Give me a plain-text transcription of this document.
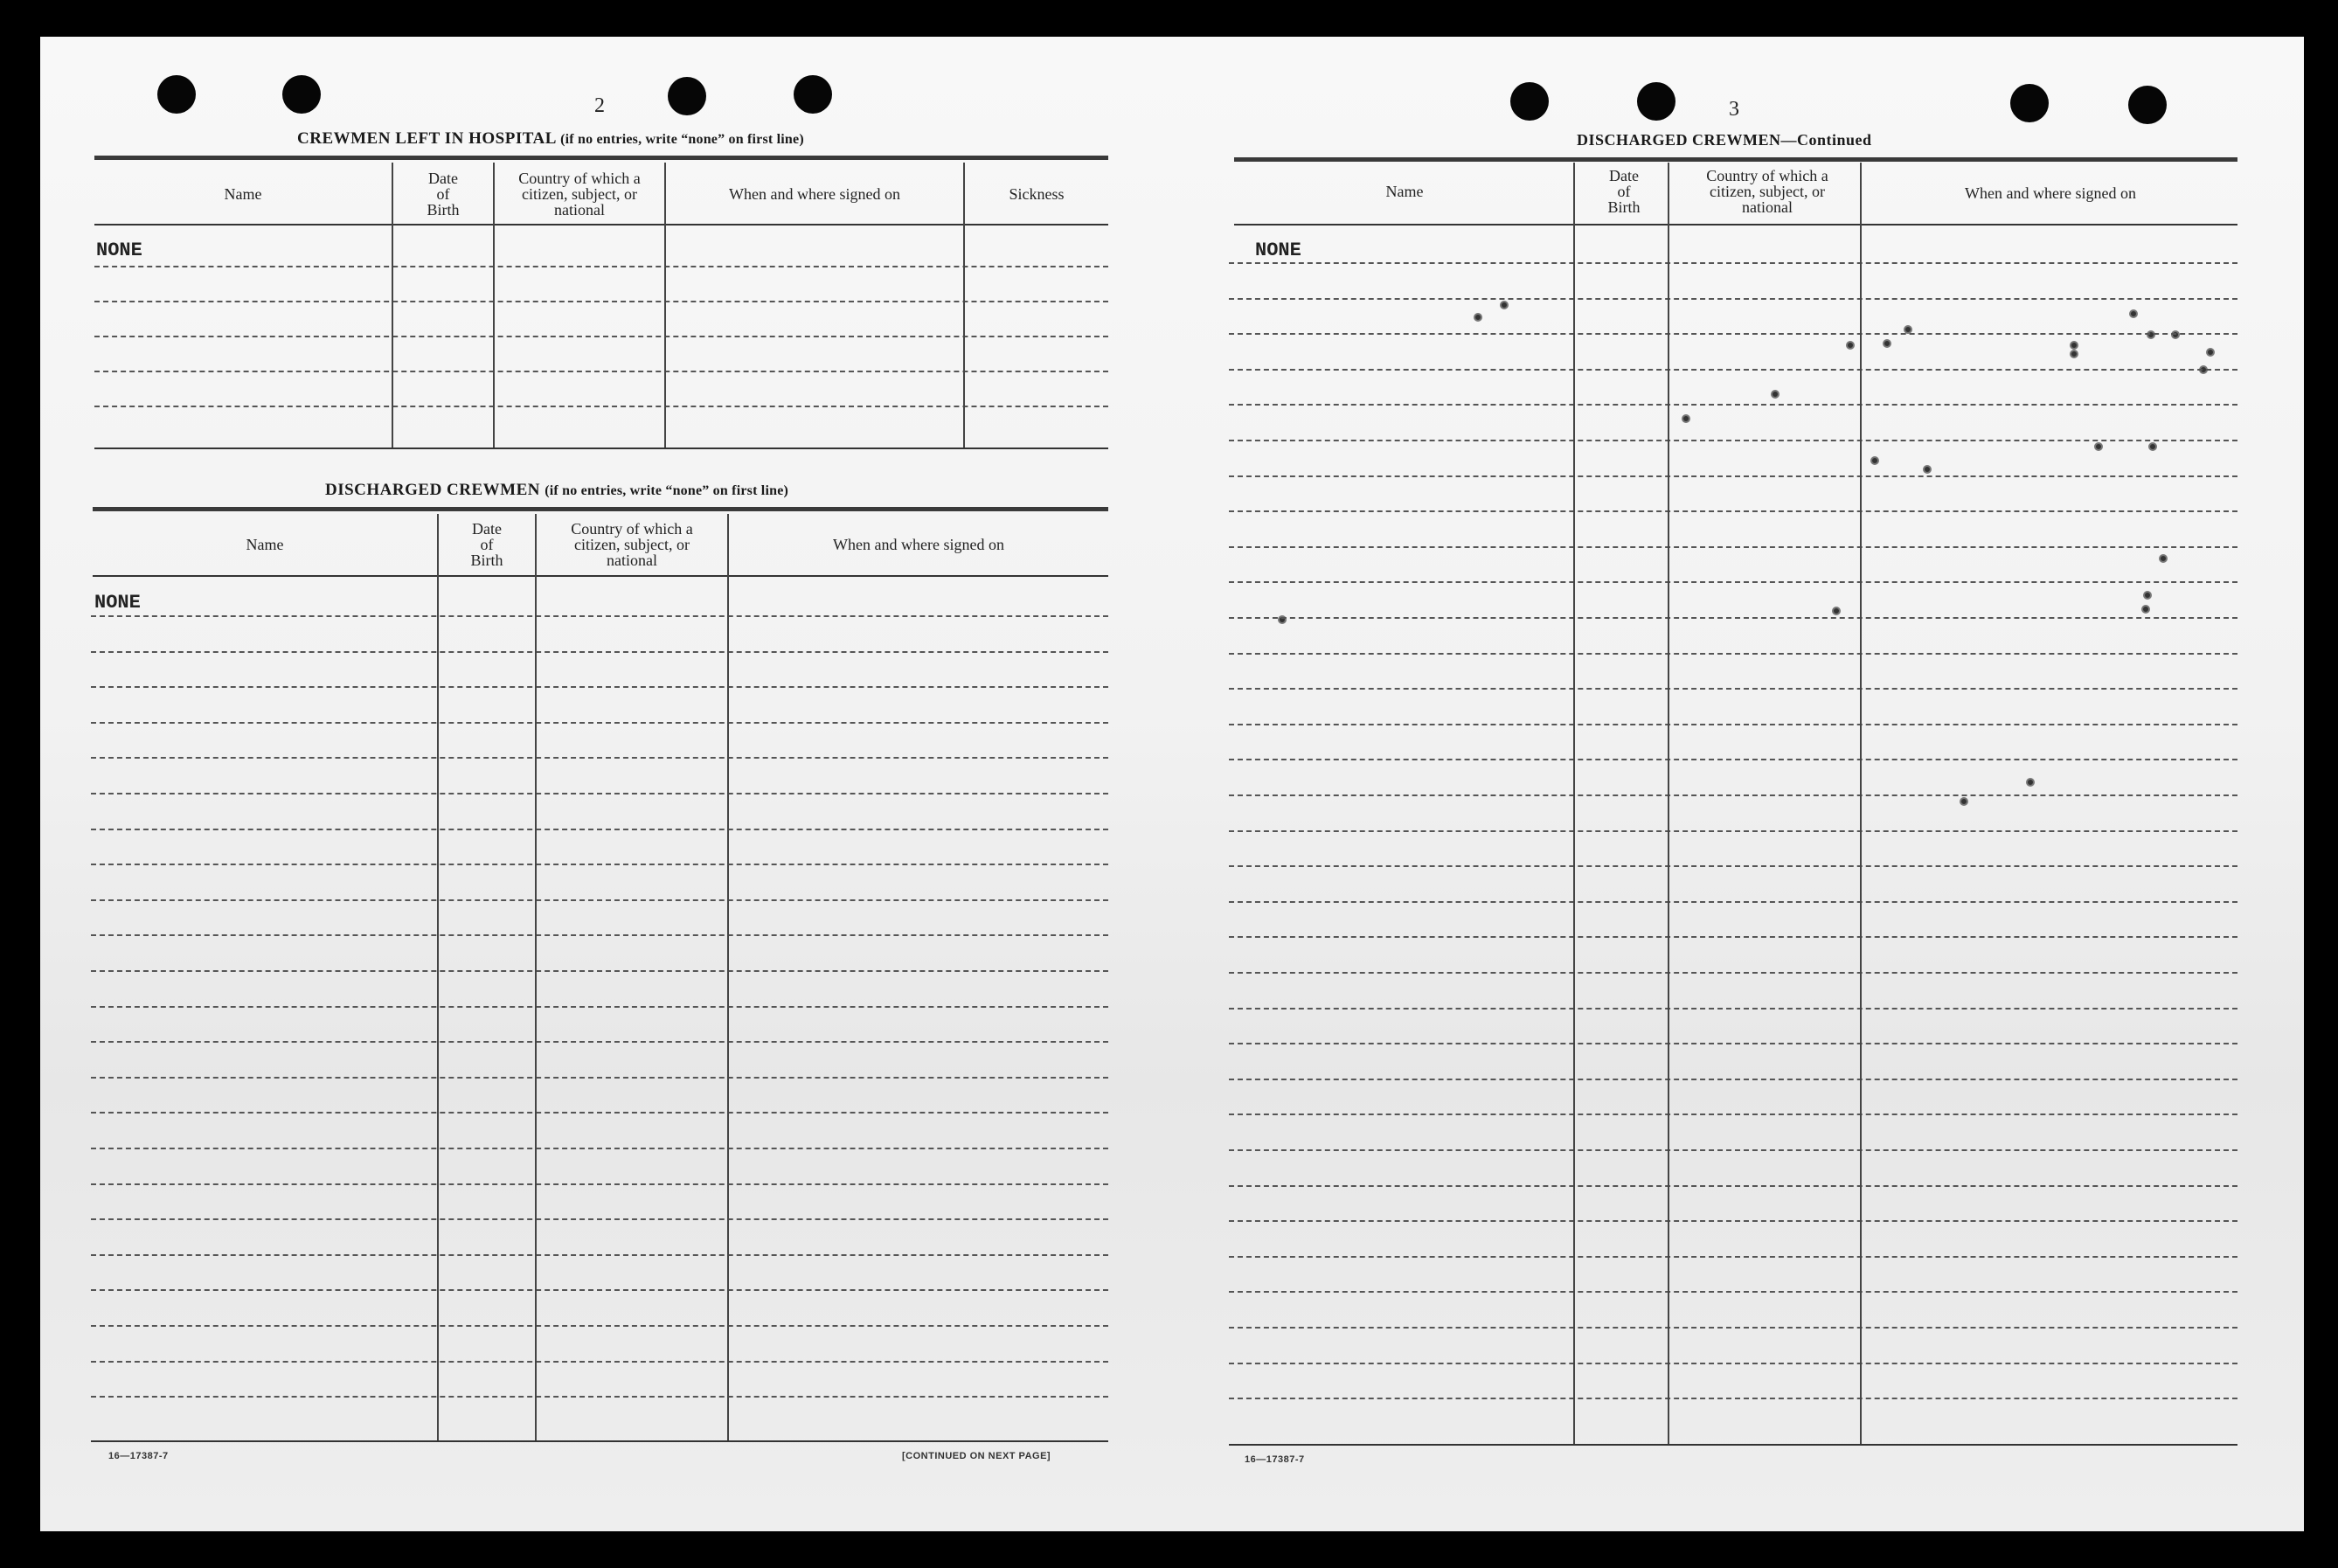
2
CREWMEN LEFT IN HOSPITAL (if no entries, write “none” on first line)
Name
Date
of
Birth
Country of which a
citizen, subject, or
national
When and where signed on	Sickness
NONE
DISCHARGED CREWMEN (if no entries, write “none” on first line)
Name
Date
of
Birth
Country of which a
citizen, subject, or
national
When and where signed on
NONE
16—17387-7	[CONTINUED ON NEXT PAGE]
3
DISCHARGED CREWMEN—Continued
Name
Date
of
Birth
Country of which a
citizen, subject, or
national
When and where signed on
NONE
16—17387-7
